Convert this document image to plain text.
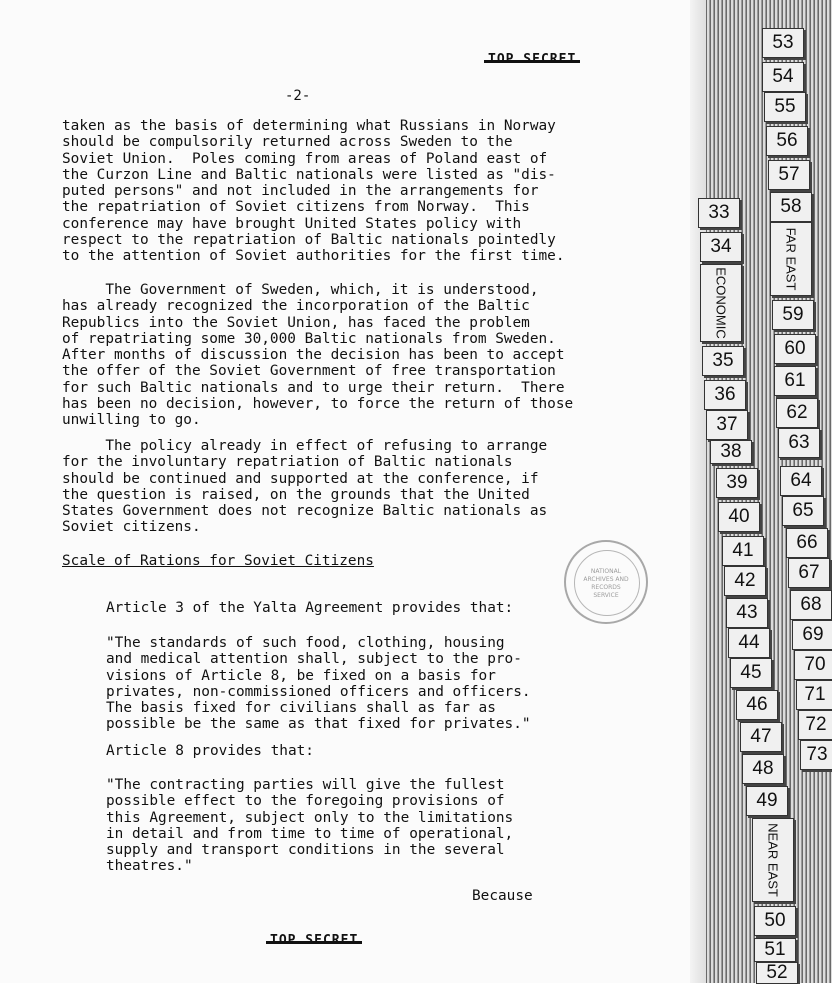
-2-
taken as the basis of determining what Russians in Norway
should be compulsorily returned across Sweden to the
Soviet Union.  Poles coming from areas of Poland east of
the Curzon Line and Baltic nationals were listed as "dis-
puted persons" and not included in the arrangements for
the repatriation of Soviet citizens from Norway.  This
conference may have brought United States policy with
respect to the repatriation of Baltic nationals pointedly
to the attention of Soviet authorities for the first time.
The Government of Sweden, which, it is understood,
has already recognized the incorporation of the Baltic
Republics into the Soviet Union, has faced the problem
of repatriating some 30,000 Baltic nationals from Sweden.
After months of discussion the decision has been to accept
the offer of the Soviet Government of free transportation
for such Baltic nationals and to urge their return.  There
has been no decision, however, to force the return of those
unwilling to go.
The policy already in effect of refusing to arrange
for the involuntary repatriation of Baltic nationals
should be continued and supported at the conference, if
the question is raised, on the grounds that the United
States Government does not recognize Baltic nationals as
Soviet citizens.
Scale of Rations for Soviet Citizens
Article 3 of the Yalta Agreement provides that:
"The standards of such food, clothing, housing
and medical attention shall, subject to the pro-
visions of Article 8, be fixed on a basis for
privates, non-commissioned officers and officers.
The basis fixed for civilians shall as far as
possible be the same as that fixed for privates."
Article 8 provides that:
"The contracting parties will give the fullest
possible effect to the foregoing provisions of
this Agreement, subject only to the limitations
in detail and from time to time of operational,
supply and transport conditions in the several
theatres."
Because
NATIONAL
ARCHIVES AND
RECORDS
SERVICE
53
54
55
56
57
58
FAR EAST
59
60
61
62
63
64
65
66
67
68
69
70
71
72
73
33
34
ECONOMIC
35
36
37
38
39
40
41
42
43
44
45
46
47
48
49
NEAR EAST
50
51
52
